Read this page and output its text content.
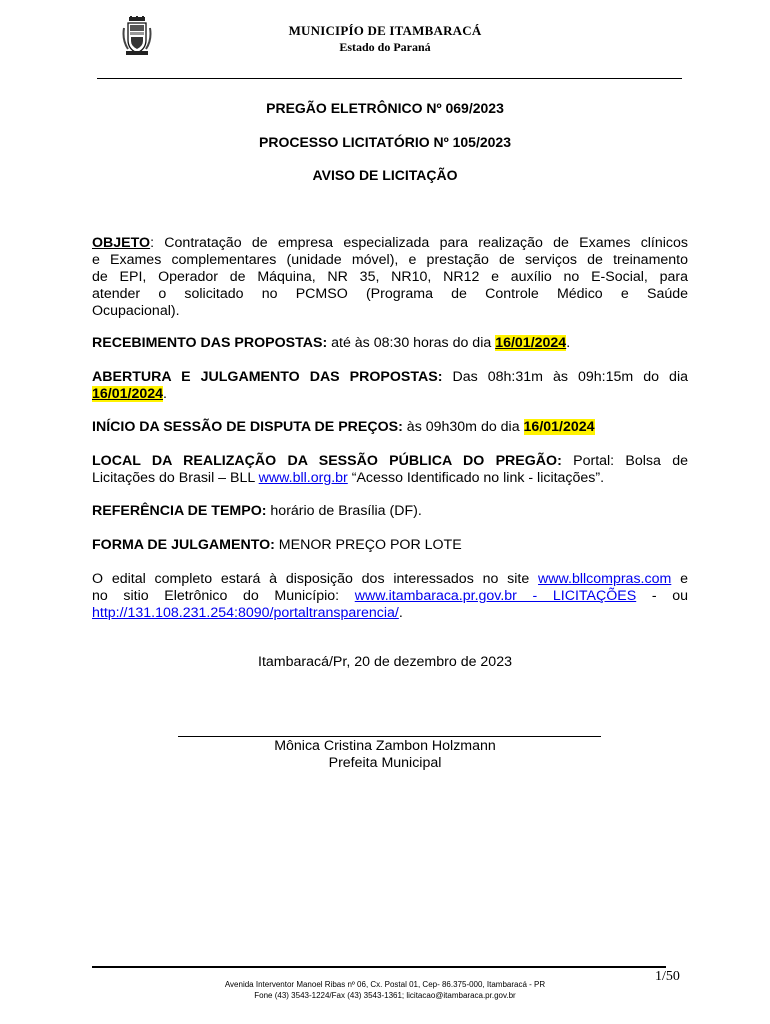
MUNICIPÍO DE ITAMBARACÁ
Estado do Paraná
PREGÃO ELETRÔNICO Nº 069/2023
PROCESSO LICITATÓRIO Nº 105/2023
AVISO DE LICITAÇÃO
OBJETO: Contratação de empresa especializada para realização de Exames clínicos
e Exames complementares (unidade móvel), e prestação de serviços de treinamento
de EPI, Operador de Máquina, NR 35, NR10, NR12 e auxílio no E-Social, para
atender o solicitado no PCMSO (Programa de Controle Médico e Saúde
Ocupacional).
RECEBIMENTO DAS PROPOSTAS: até às 08:30 horas do dia 16/01/2024.
ABERTURA E JULGAMENTO DAS PROPOSTAS: Das 08h:31m às 09h:15m do dia
16/01/2024.
INÍCIO DA SESSÃO DE DISPUTA DE PREÇOS: às 09h30m do dia 16/01/2024
LOCAL DA REALIZAÇÃO DA SESSÃO PÚBLICA DO PREGÃO: Portal: Bolsa de
Licitações do Brasil – BLL www.bll.org.br “Acesso Identificado no link - licitações”.
REFERÊNCIA DE TEMPO: horário de Brasília (DF).
FORMA DE JULGAMENTO: MENOR PREÇO POR LOTE
O edital completo estará à disposição dos interessados no site www.bllcompras.com e
no sitio Eletrônico do Município: www.itambaraca.pr.gov.br - LICITAÇÕES - ou
http://131.108.231.254:8090/portaltransparencia/.
Itambaracá/Pr, 20 de dezembro de 2023
Mônica Cristina Zambon Holzmann
Prefeita Municipal
1/50
Avenida Interventor Manoel Ribas nº 06, Cx. Postal 01, Cep- 86.375-000, Itambaracá - PR
Fone (43) 3543-1224/Fax (43) 3543-1361; licitacao@itambaraca.pr.gov.br
